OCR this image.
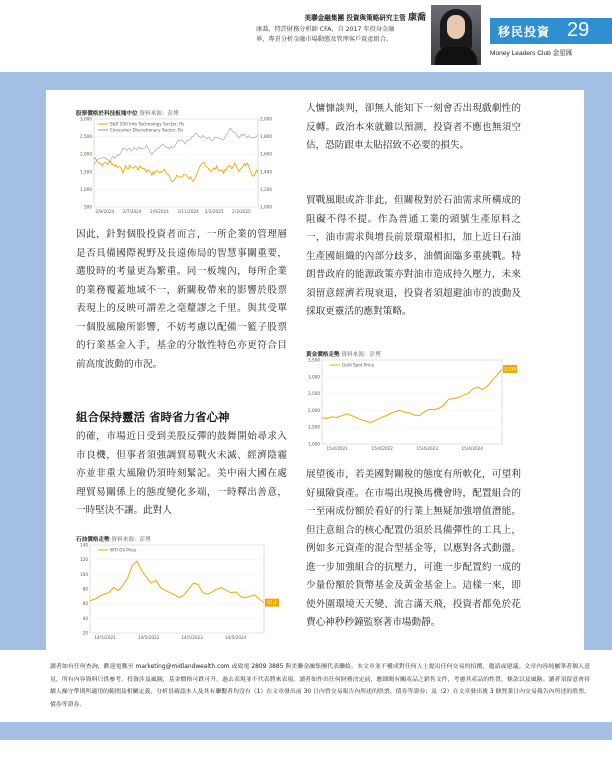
美聯金融集團 投資與策略研究主管 康喬
康喬，特許財務分析師 CFA，自 2017 年投身金融
界，專責分析金融市場動態及管理客戶資產組合。
移民投資 29
Money Leaders Club 金星匯
股票價格於科技板塊中位 資料來源：彭博
3,000
2,500
2,000
1,500
1,000
500
2,000
1,800
1,600
1,400
1,200
1,000
2/9/2024 2/7/2024 2/9/2024 2/11/2024 2/1/2025 2/3/2025
S&P 500 Info Technology Sector, Rs
Consumer Discretionary Sector, Rs

因此，針對個股投資者而言，一所企業的管理層是否具備國際視野及長遠佈局的智慧事關重要，選股時的考量更為繁重。同一板塊內，每所企業的業務覆蓋地域不一，新關稅帶來的影響於股票表現上的反映可謂差之毫釐謬之千里。與其受單一個股風險所影響，不妨考慮以配備一籃子股票的行業基金入手，基金的分散性特色亦更符合目前高度波動的市況。

組合保持靈活 省時省力省心神

的確，市場近日受到美股反彈的鼓舞開始尋求入市良機，但事者須強調貿易戰火未滅、經濟陰霾亦並非重大風險仍須時刻緊記。美中兩大國在處理貿易關係上的態度變化多端，一時釋出善意，一時堅決不讓。此對人

石油價格走勢 資料來源：彭博
140
120
100
80
60
40
20
14/5/2021	14/5/2022	14/5/2023	14/5/2024
WTI Oil Price
61.4

人慵慷談判，卻無人能知下一刻會否出現戲劇性的反轉。政治本來就難以預測，投資者不應也無須空估，恐防跟車太貼招致不必要的損失。

貿戰風眼或許非此，但關稅對於石油需求所構成的阻礙不得不提。作為普通工業的頭號生產原料之一，油市需求與增長前景環環相扣，加上近日石油生產國組織的內部分歧多，油價面臨多重挑戰。特朗普政府的能源政策亦對油市造成持久壓力，未來須留意經濟若現衰退，投資者須超避油市的波動及採取更靈活的應對策略。

黃金價格走勢 資料來源：彭博
3,500
3,000
2,500
2,000
1,500
1,000
15/4/2021	15/4/2022	15/4/2023	15/4/2024
Gold Spot Price
3,234

展望後市，若美國對關稅的態度有所軟化，可望利好風險資產。在市場出現換馬機會時，配置組合的一至兩成份額於看好的行業上無疑加強增值潛能。但注意組合的核心配置仍須於具備彈性的工具上，例如多元資產的混合型基金等，以應對各式動盪。進一步加強組合的抗壓力，可進一步配置約一成的少量份額於貨幣基金及黃金基金上。這樣一來，即使外圍環境天天變、流言滿天飛，投資者都免於花費心神秒秒鐘監察著市場動靜。

讀者如有任何查詢，歡迎電郵至 marketing@midlandwealth.com 或致電 2809 3885 與美聯金融集團代表聯絡。本文章並不構成對任何人士提出任何交易的招攬、邀請或建議。文章內容純屬筆者個人意見，所有內容資料只供參考。投資涉及風險，基金價格可跌可升，過去表現並不代表將來表現。讀者如作出任何財務決定前，應細閱有關產品之銷售文件，考慮其產品的性質，條款以及風險。讀者須留意會持續人操守準則所適用的範圍及相關定義，分析員確認本人及其有聯繫者均沒有（1）在文章發出前 30 日內曾交易報告內所述的股票、債券等證券；及（2）在文章發出後 3 個營業日內交易報告內所述的股票、債券等證券。
